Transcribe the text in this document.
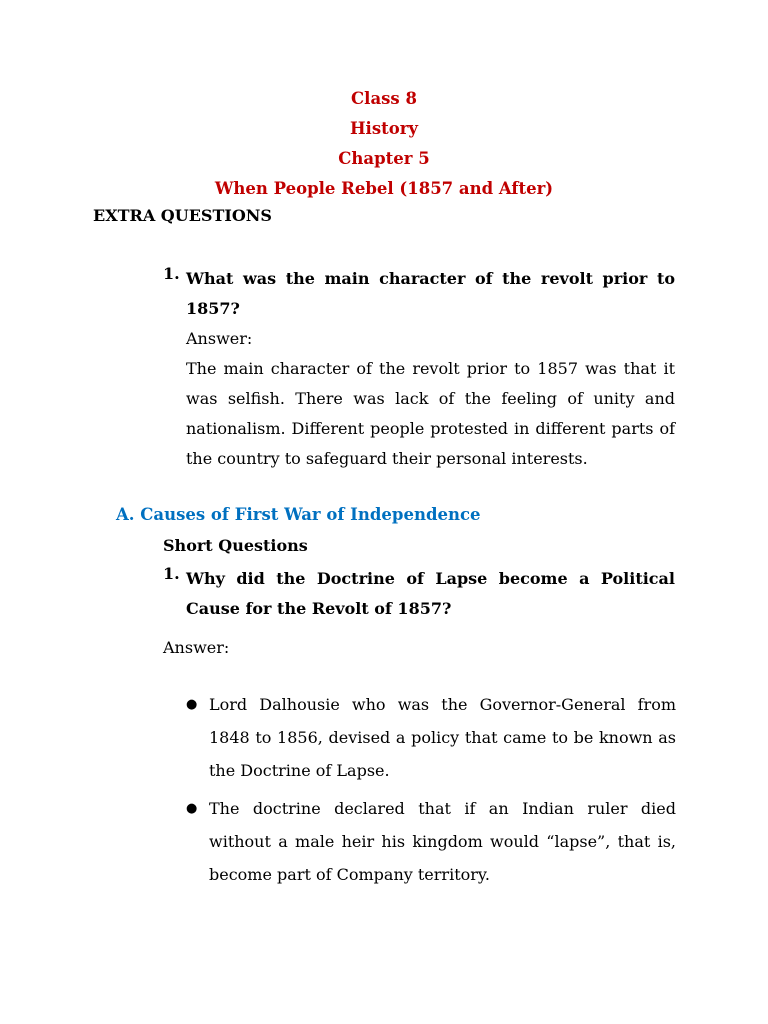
Class 8
History
Chapter 5
When People Rebel (1857 and After)
EXTRA QUESTIONS
1. What was the main character of the revolt prior to 1857?
Answer:
The main character of the revolt prior to 1857 was that it was selfish. There was lack of the feeling of unity and nationalism. Different people protested in different parts of the country to safeguard their personal interests.
A. Causes of First War of Independence
Short Questions
1. Why did the Doctrine of Lapse become a Political Cause for the Revolt of 1857?
Answer:
● Lord Dalhousie who was the Governor-General from 1848 to 1856, devised a policy that came to be known as the Doctrine of Lapse.
● The doctrine declared that if an Indian ruler died without a male heir his kingdom would “lapse”, that is, become part of Company territory.
